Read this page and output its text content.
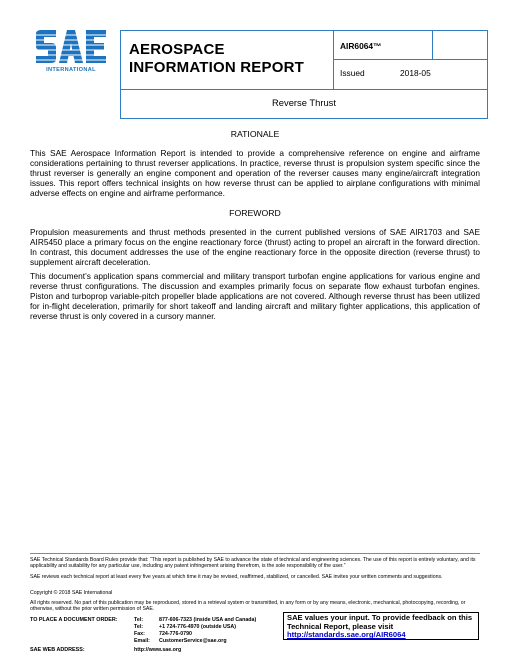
INTERNATIONAL
AEROSPACE
INFORMATION REPORT
AIR6064™
Issued	2018-05
Reverse Thrust
RATIONALE

This SAE Aerospace Information Report is intended to provide a comprehensive reference on engine and airframe considerations pertaining to thrust reverser applications. In practice, reverse thrust is propulsion system specific since the thrust reverser is generally an engine component and operation of the reverser causes many engine/aircraft integration issues. This report offers technical insights on how reverse thrust can be applied to airplane configurations with minimal adverse effects on engine and airframe performance.

FOREWORD

Propulsion measurements and thrust methods presented in the current published versions of SAE AIR1703 and SAE AIR5450 place a primary focus on the engine reactionary force (thrust) acting to propel an aircraft in the forward direction. In contrast, this document addresses the use of the engine reactionary force in the opposite direction (reverse thrust) to supplement aircraft deceleration.

This document’s application spans commercial and military transport turbofan engine applications for various engine and reverse thrust configurations. The discussion and examples primarily focus on separate flow exhaust turbofan engines. Piston and turboprop variable-pitch propeller blade applications are not covered. Although reverse thrust has been utilized for in-flight deceleration, primarily for short takeoff and landing aircraft and military fighter applications, this application of reverse thrust is only covered in a cursory manner.

SAE Technical Standards Board Rules provide that: “This report is published by SAE to advance the state of technical and engineering sciences. The use of this report is entirely voluntary, and its applicability and suitability for any particular use, including any patent infringement arising therefrom, is the sole responsibility of the user.”

SAE reviews each technical report at least every five years at which time it may be revised, reaffirmed, stabilized, or cancelled. SAE invites your written comments and suggestions.

Copyright © 2018 SAE International

All rights reserved. No part of this publication may be reproduced, stored in a retrieval system or transmitted, in any form or by any means, electronic, mechanical, photocopying, recording, or otherwise, without the prior written permission of SAE.

TO PLACE A DOCUMENT ORDER:	Tel:	877-606-7323 (inside USA and Canada)
Tel:	+1 724-776-4970 (outside USA)
Fax:	724-776-0790
Email: CustomerService@sae.org
SAE WEB ADDRESS:	http://www.sae.org
SAE values your input. To provide feedback on this
Technical Report, please visit
http://standards.sae.org/AIR6064
